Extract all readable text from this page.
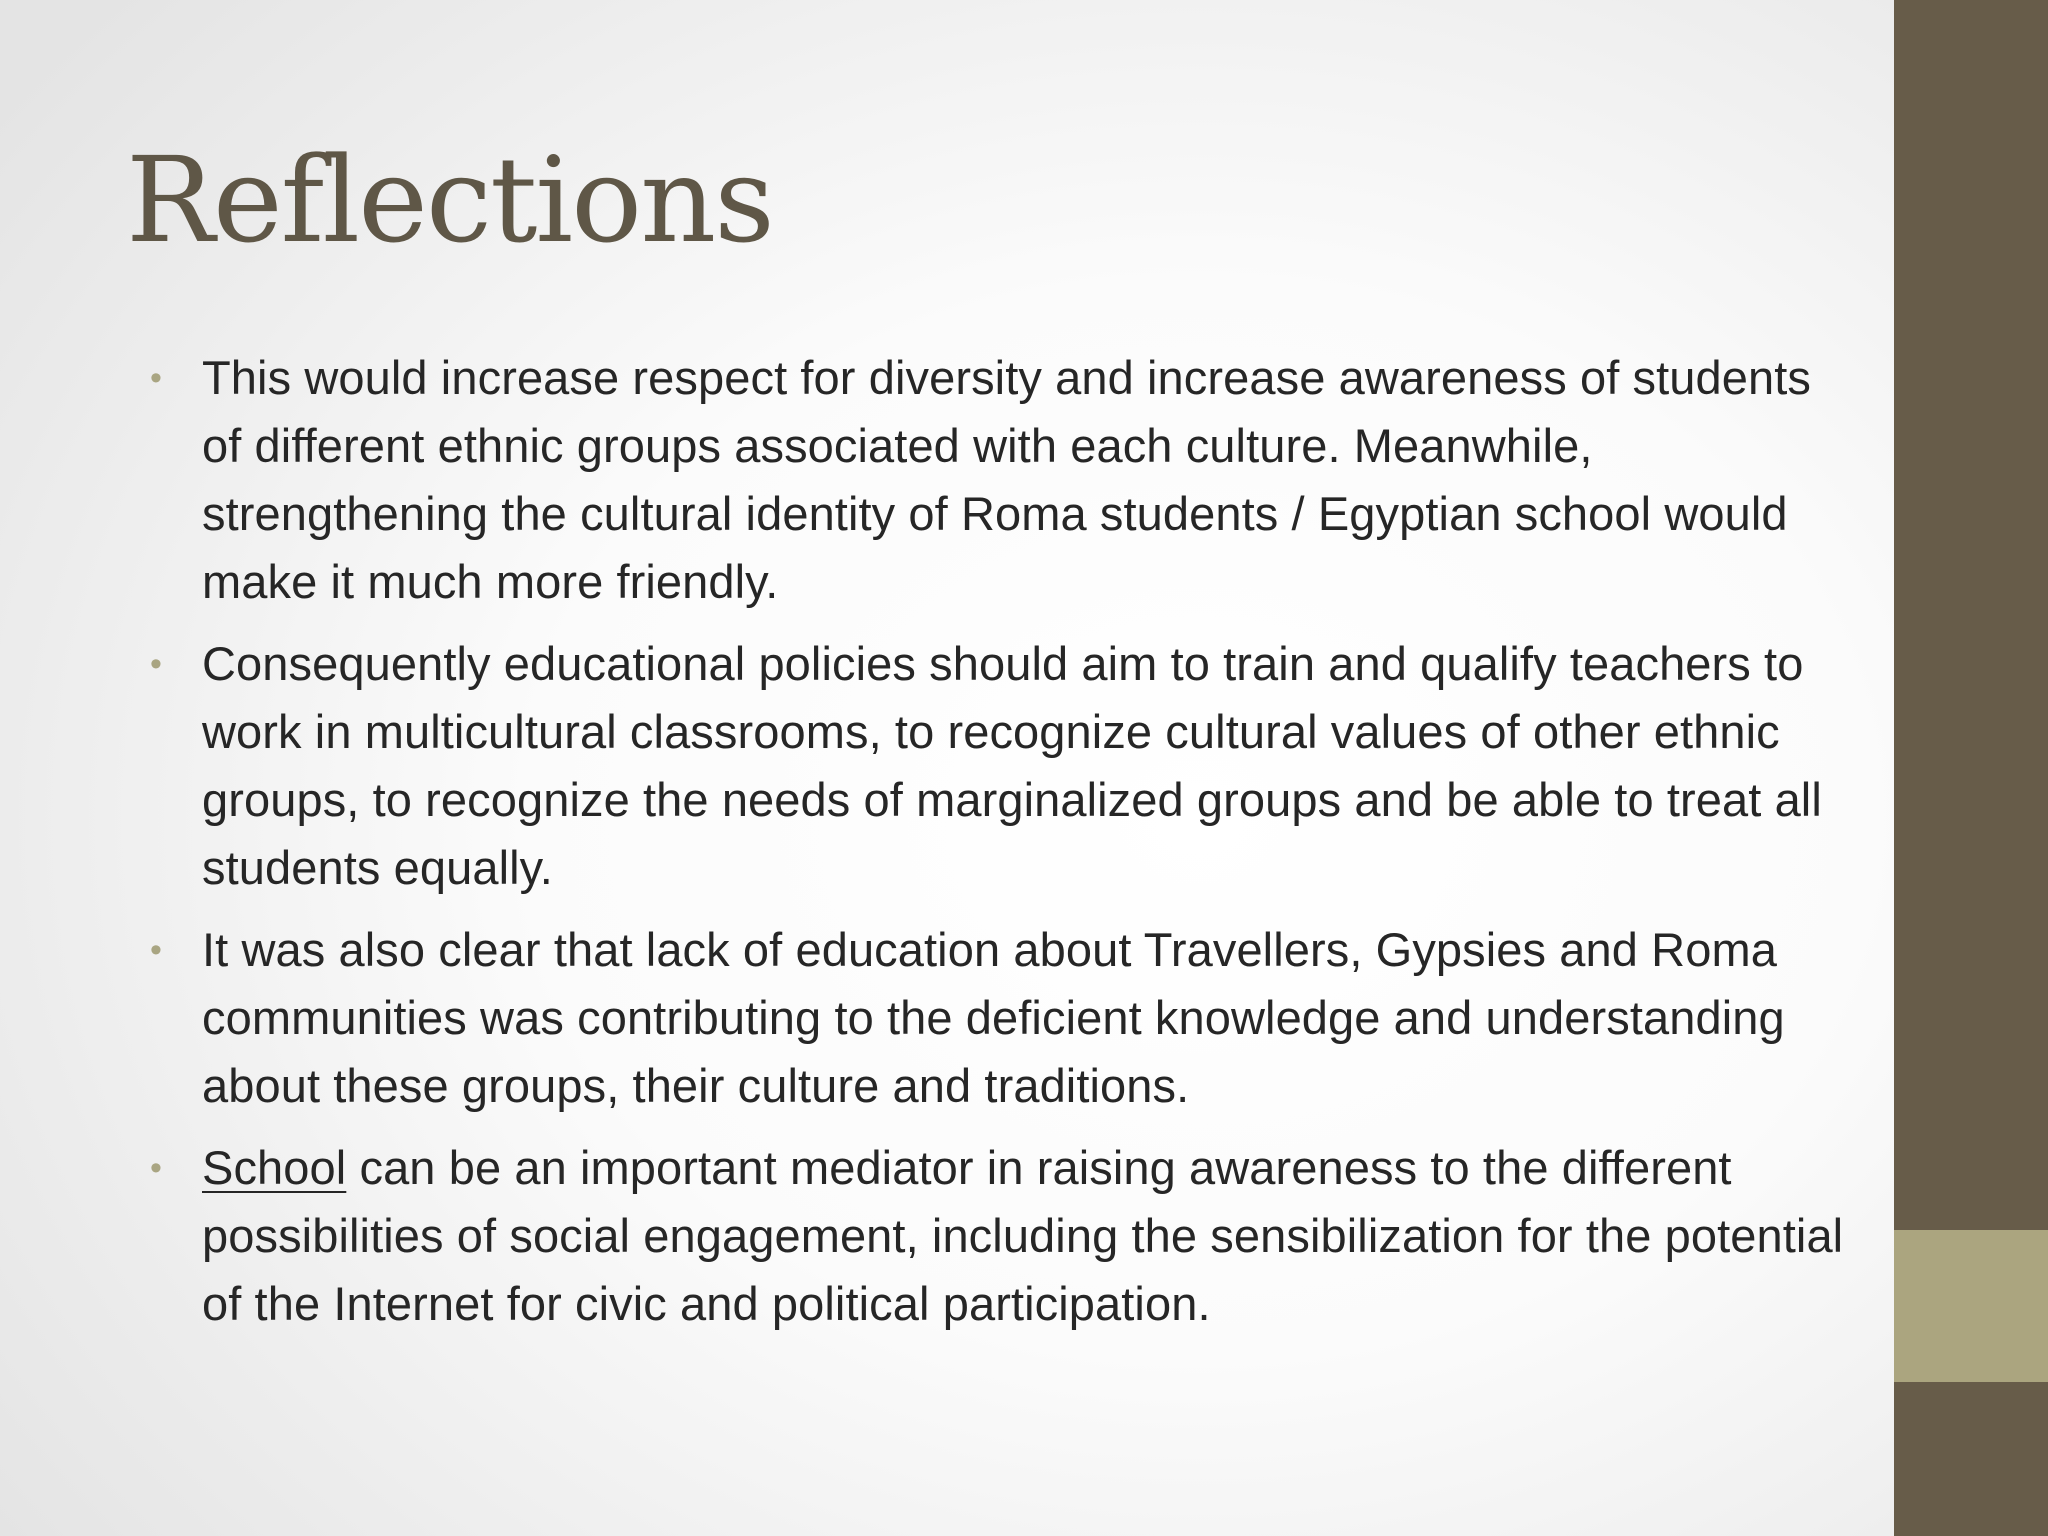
Reflections
• This would increase respect for diversity and increase awareness of students of different ethnic groups associated with each culture. Meanwhile, strengthening the cultural identity of Roma students / Egyptian school would make it much more friendly.
• Consequently educational policies should aim to train and qualify teachers to work in multicultural classrooms, to recognize cultural values of other ethnic groups, to recognize the needs of marginalized groups and be able to treat all students equally.
• It was also clear that lack of education about Travellers, Gypsies and Roma communities was contributing to the deficient knowledge and understanding about these groups, their culture and traditions.
• School can be an important mediator in raising awareness to the different possibilities of social engagement, including the sensibilization for the potential of the Internet for civic and political participation.
